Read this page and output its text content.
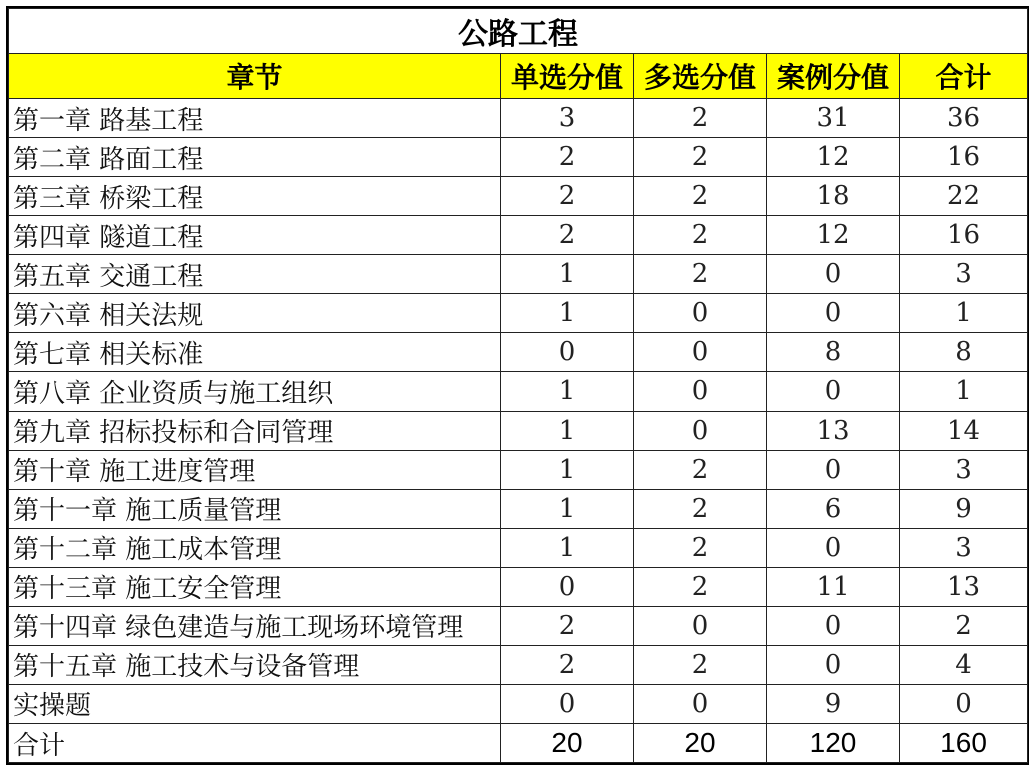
公路工程				
章节	单选分值	多选分值	案例分值	合计
第一章 路基工程	3	2	31	36
第二章 路面工程	2	2	12	16
第三章 桥梁工程	2	2	18	22
第四章 隧道工程	2	2	12	16
第五章 交通工程	1	2	0	3
第六章 相关法规	1	0	0	1
第七章 相关标准	0	0	8	8
第八章 企业资质与施工组织	1	0	0	1
第九章 招标投标和合同管理	1	0	13	14
第十章 施工进度管理	1	2	0	3
第十一章 施工质量管理	1	2	6	9
第十二章 施工成本管理	1	2	0	3
第十三章 施工安全管理	0	2	11	13
第十四章 绿色建造与施工现场环境管理	2	0	0	2
第十五章 施工技术与设备管理	2	2	0	4
实操题	0	0	9	0
合计	20	20	120	160
